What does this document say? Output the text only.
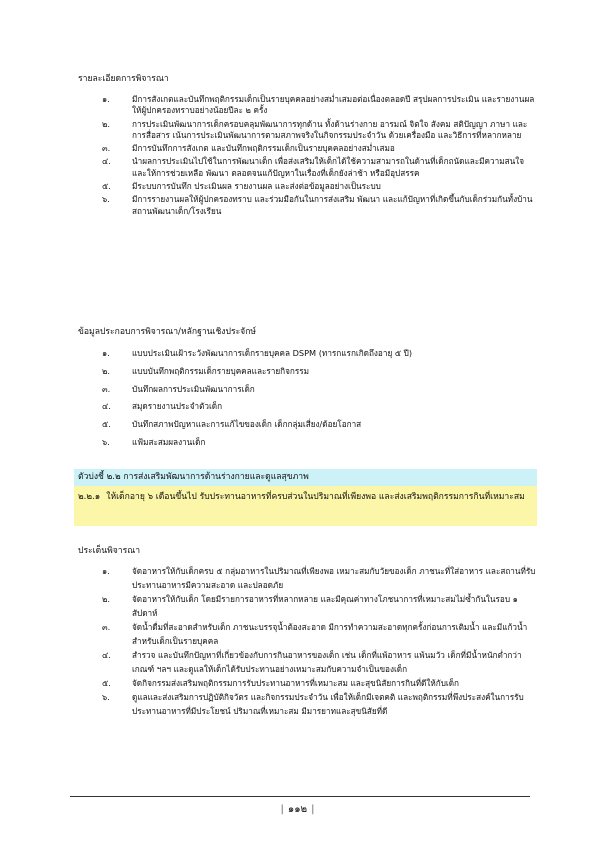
รายละเอียดการพิจารณา
๑.	มีการสังเกตและบันทึกพฤติกรรมเด็กเป็นรายบุคคลอย่างสม่ำเสมอต่อเนื่องตลอดปี สรุปผลการประเมิน และรายงานผลให้ผู้ปกครองทราบอย่างน้อยปีละ ๒ ครั้ง
๒.	การประเมินพัฒนาการเด็กครอบคลุมพัฒนาการทุกด้าน ทั้งด้านร่างกาย อารมณ์ จิตใจ สังคม สติปัญญา ภาษา และการสื่อสาร เน้นการประเมินพัฒนาการตามสภาพจริงในกิจกรรมประจำวัน ด้วยเครื่องมือ และวิธีการที่หลากหลาย
๓.	มีการบันทึกการสังเกต และบันทึกพฤติกรรมเด็กเป็นรายบุคคลอย่างสม่ำเสมอ
๔.	นำผลการประเมินไปใช้ในการพัฒนาเด็ก เพื่อส่งเสริมให้เด็กได้ใช้ความสามารถในด้านที่เด็กถนัดและมีความสนใจ และให้การช่วยเหลือ พัฒนา ตลอดจนแก้ปัญหาในเรื่องที่เด็กยังล่าช้า หรือมีอุปสรรค
๕.	มีระบบการบันทึก ประเมินผล รายงานผล และส่งต่อข้อมูลอย่างเป็นระบบ
๖.	มีการรายงานผลให้ผู้ปกครองทราบ และร่วมมือกันในการส่งเสริม พัฒนา และแก้ปัญหาที่เกิดขึ้นกับเด็กร่วมกันทั้งบ้าน สถานพัฒนาเด็ก/โรงเรียน
ข้อมูลประกอบการพิจารณา/หลักฐานเชิงประจักษ์
๑.	แบบประเมินเฝ้าระวังพัฒนาการเด็กรายบุคคล DSPM (ทารกแรกเกิดถึงอายุ ๕ ปี)
๒.	แบบบันทึกพฤติกรรมเด็กรายบุคคลและรายกิจกรรม
๓.	บันทึกผลการประเมินพัฒนาการเด็ก
๔.	สมุดรายงานประจำตัวเด็ก
๕.	บันทึกสภาพปัญหาและการแก้ไขของเด็ก เด็กกลุ่มเสี่ยง/ด้อยโอกาส
๖.	แฟ้มสะสมผลงานเด็ก
ตัวบ่งชี้ ๒.๒ การส่งเสริมพัฒนาการด้านร่างกายและดูแลสุขภาพ
๒.๒.๑ ให้เด็กอายุ ๖ เดือนขึ้นไป รับประทานอาหารที่ครบส่วนในปริมาณที่เพียงพอ และส่งเสริมพฤติกรรมการกินที่เหมาะสม
ประเด็นพิจารณา
๑.	จัดอาหารให้กับเด็กครบ ๕ กลุ่มอาหารในปริมาณที่เพียงพอ เหมาะสมกับวัยของเด็ก ภาชนะที่ใส่อาหาร และสถานที่รับประทานอาหารมีความสะอาด และปลอดภัย
๒.	จัดอาหารให้กับเด็ก โดยมีรายการอาหารที่หลากหลาย และมีคุณค่าทางโภชนาการที่เหมาะสมไม่ซ้ำกันในรอบ ๑ สัปดาห์
๓.	จัดน้ำดื่มที่สะอาดสำหรับเด็ก ภาชนะบรรจุน้ำต้องสะอาด มีการทำความสะอาดทุกครั้งก่อนการเติมน้ำ และมีแก้วน้ำสำหรับเด็กเป็นรายบุคคล
๔.	สำรวจ และบันทึกปัญหาที่เกี่ยวข้องกับการกินอาหารของเด็ก เช่น เด็กที่แพ้อาหาร แพ้นมวัว เด็กที่มีน้ำหนักต่ำกว่าเกณฑ์ ฯลฯ และดูแลให้เด็กได้รับประทานอย่างเหมาะสมกับความจำเป็นของเด็ก
๕.	จัดกิจกรรมส่งเสริมพฤติกรรมการรับประทานอาหารที่เหมาะสม และสุขนิสัยการกินที่ดีให้กับเด็ก
๖.	ดูแลและส่งเสริมการปฏิบัติกิจวัตร และกิจกรรมประจำวัน เพื่อให้เด็กมีเจตคติ และพฤติกรรมที่พึงประสงค์ในการรับประทานอาหารที่มีประโยชน์ ปริมาณที่เหมาะสม มีมารยาทและสุขนิสัยที่ดี
| ๑๑๒ |
